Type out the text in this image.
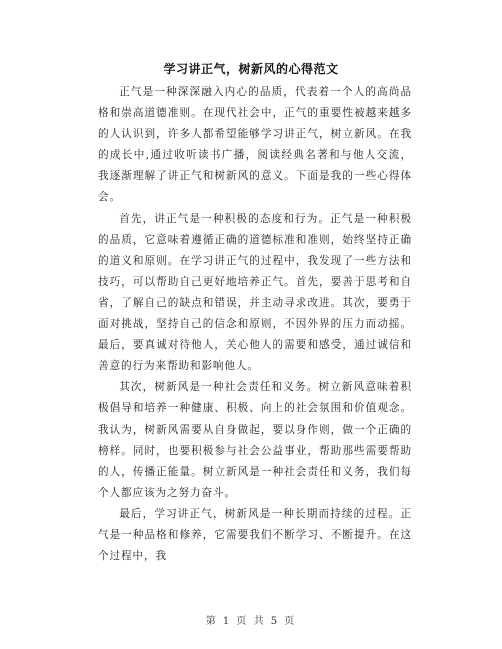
学习讲正气，树新风的心得范文

正气是一种深深融入内心的品质，代表着一个人的高尚品格和崇高道德准则。在现代社会中，正气的重要性被越来越多的人认识到，许多人都希望能够学习讲正气，树立新风。在我的成长中,通过收听读书广播，阅读经典名著和与他人交流，我逐渐理解了讲正气和树新风的意义。下面是我的一些心得体会。

首先，讲正气是一种积极的态度和行为。正气是一种积极的品质，它意味着遵循正确的道德标准和准则，始终坚持正确的道义和原则。在学习讲正气的过程中，我发现了一些方法和技巧，可以帮助自己更好地培养正气。首先，要善于思考和自省，了解自己的缺点和错误，并主动寻求改进。其次，要勇于面对挑战，坚持自己的信念和原则，不因外界的压力而动摇。最后，要真诚对待他人，关心他人的需要和感受，通过诚信和善意的行为来帮助和影响他人。

其次，树新风是一种社会责任和义务。树立新风意味着积极倡导和培养一种健康、积极、向上的社会氛围和价值观念。我认为，树新风需要从自身做起，要以身作则，做一个正确的榜样。同时，也要积极参与社会公益事业，帮助那些需要帮助的人，传播正能量。树立新风是一种社会责任和义务，我们每个人都应该为之努力奋斗。

最后，学习讲正气，树新风是一种长期而持续的过程。正气是一种品格和修养，它需要我们不断学习、不断提升。在这个过程中，我

第 1 页 共 5 页
